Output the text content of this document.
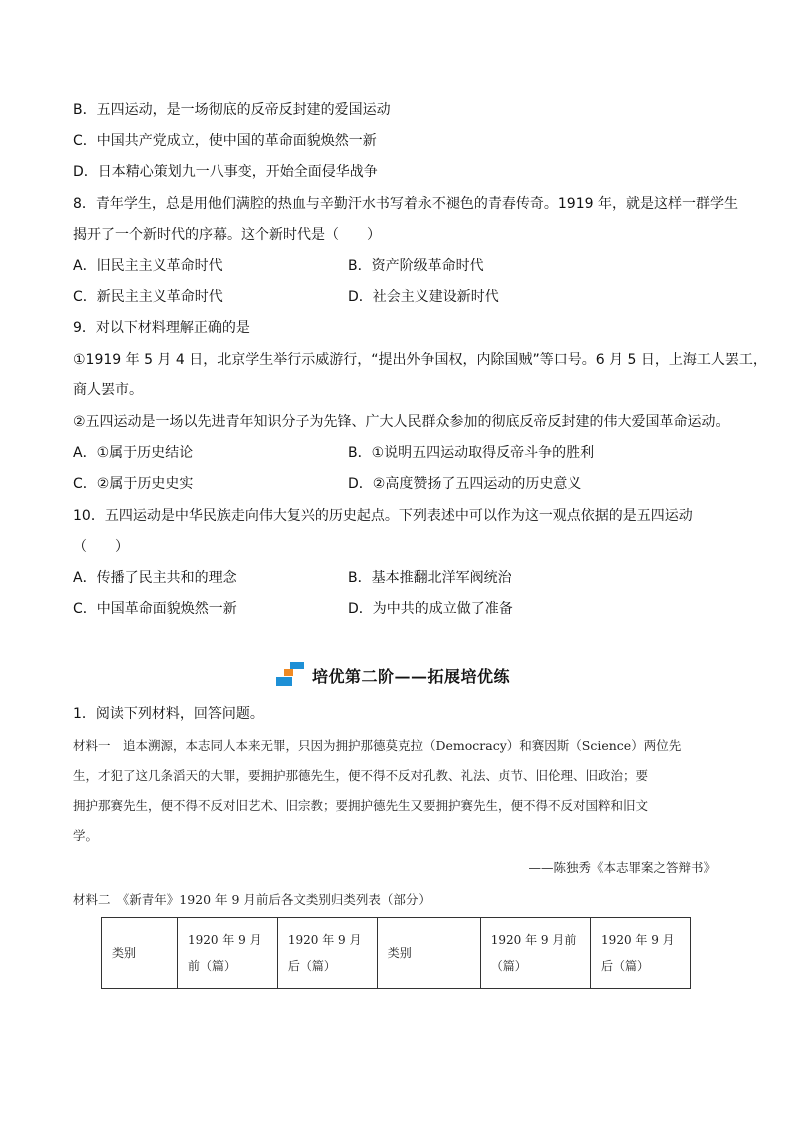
B．五四运动，是一场彻底的反帝反封建的爱国运动
C．中国共产党成立，使中国的革命面貌焕然一新
D．日本精心策划九一八事变，开始全面侵华战争
8．青年学生，总是用他们满腔的热血与辛勤汗水书写着永不褪色的青春传奇。1919 年，就是这样一群学生
揭开了一个新时代的序幕。这个新时代是（　　）
A．旧民主主义革命时代	B．资产阶级革命时代
C．新民主主义革命时代	D．社会主义建设新时代
9．对以下材料理解正确的是
①1919 年 5 月 4 日，北京学生举行示威游行，“提出外争国权，内除国贼”等口号。6 月 5 日，上海工人罢工，
商人罢市。
②五四运动是一场以先进青年知识分子为先锋、广大人民群众参加的彻底反帝反封建的伟大爱国革命运动。
A．①属于历史结论	B．①说明五四运动取得反帝斗争的胜利
C．②属于历史史实	D．②高度赞扬了五四运动的历史意义
10．五四运动是中华民族走向伟大复兴的历史起点。下列表述中可以作为这一观点依据的是五四运动
（　　）
A．传播了民主共和的理念	B．基本推翻北洋军阀统治
C．中国革命面貌焕然一新	D．为中共的成立做了准备
培优第二阶——拓展培优练
1．阅读下列材料，回答问题。
材料一　追本溯源，本志同人本来无罪，只因为拥护那德莫克拉（Democracy）和赛因斯（Science）两位先
生，才犯了这几条滔天的大罪，要拥护那德先生，便不得不反对孔教、礼法、贞节、旧伦理、旧政治；要
拥护那赛先生，便不得不反对旧艺术、旧宗教；要拥护德先生又要拥护赛先生，便不得不反对国粹和旧文
学。
——陈独秀《本志罪案之答辩书》
材料二　《新青年》1920 年 9 月前后各文类别归类列表（部分）
类别	1920 年 9 月前（篇）	1920 年 9 月后（篇）	类别	1920 年 9 月前（篇）	1920 年 9 月后（篇）
